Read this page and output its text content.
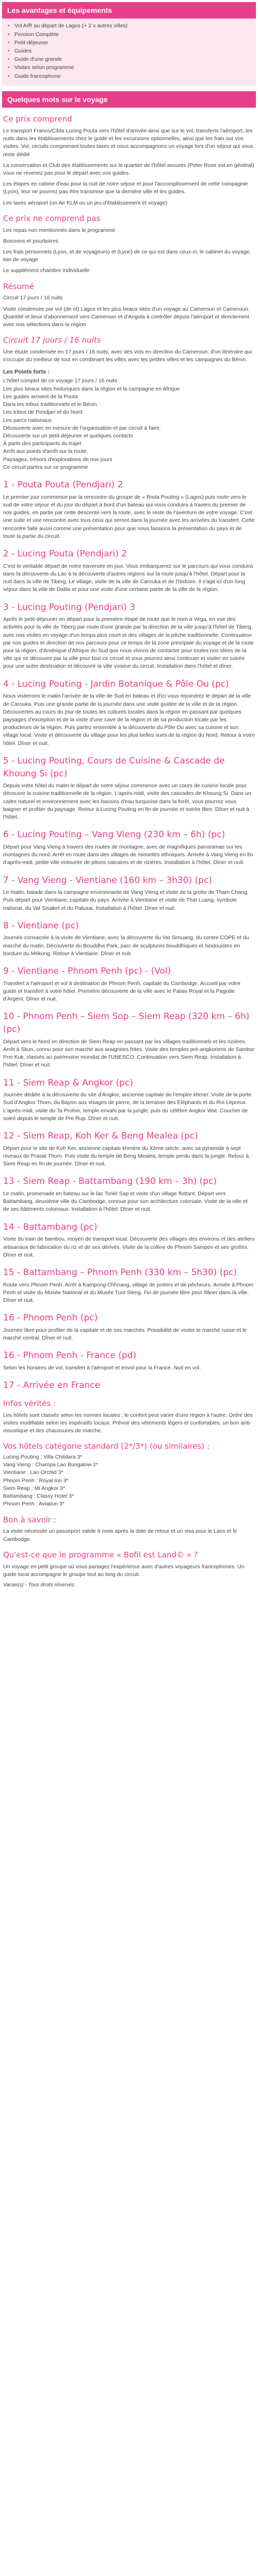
Les avantages et équipements
• Vol A/R au départ de Lagos (+ 2 x autres villes)
• Pension Complète
• Petit-déjeuner
• Guides
• Guide d'une grande
• Visites selon programme
• Guide francophone
Quelques mots sur le voyage
Ce prix comprend

Le transport Franco/Cibla Lucing Pouta vers l'hôtel d'arrivée ainsi que sur le vol, transferts l'aéroport, les nuits dans les établissements chez le guide et les excursions optionnelles, ainsi que les frais sur vos visites. Vol, circuits comprenant toutes taxes et nous accompagnons un voyage lors d'un séjour qui vous reste dédié

La conservation et Club des établissements sur le quartier de l'hôtel assurés (Peter Rose est en général) vous ne revenez pas pour le départ avec vos guides.

Les étapes en cabine d'eau pour la nuit de notre séjour et pour l'accomplissement de cette compagnie (Lyon), leur ne pourrez pas être transmise que la dernière ville et les guides.

Les taxes aéroport (un Air KLM ou un jeu d'établissement et voyage)

Ce prix ne comprend pas

Les repas non mentionnés dans le programme

Boissons et pourboires

Les frais personnels (Lyon, et de voyageurs) et (Lyon) de ce qui est dans ceux-ci, le cabinet du voyage, loin de voyage

Le supplément chambre individuelle

Résumé

Circuit 17 jours / 16 nuits

Visite condensée par vol (de et) Lagos et les plus beaux sites d'un voyage au Cameroun et Cameroun. Quantité et lieux d'abonnement vers Cameroun et d'Angola à contrôler depuis l'aéroport et directement avec nos sélections dans la région

Circuit 17 jours / 16 nuits

Une étude condensée en 17 jours / 16 nuits, avec des vols en direction du Cameroun, d'un itinéraire qui s'occupe du meilleur de tout en combinant les villes avec les petites villes et les campagnes du Bénin.

Les Points forts :
L'hôtel complet de ce voyage 17 jours / 16 nuits
Les plus beaux sites historiques dans la région et la campagne en Afrique
Les guides arrivent de la Pouta
Dans les tribus traditionnels et le Bénin
Les tribus de Pendjari et du Nord
Les parcs nationaux
Découverte avec en mesure de l'organisation et par circuit à faire.
Découverte sur un petit-déjeuner et quelques contacts
À partir des participants du trajet
Arrêt aux points d'arrêt sur la route.
Paysages, trésors d'explorations de nos jours
Ce circuit partira sur ce programme
1 - Pouta Pouta (Pendjari) 2

Le premier jour commence par la rencontre du groupe de « Roda Pouting » (Lagos) puis route vers le sud de votre séjour et du jour du départ à bord d'un bateau qui vous conduira à travers du premier de nos guides, en partie par cette descente vers la route, avec le reste de l'aventure de votre voyage. C'est une suite et une rencontre avec tous ceux qui seront dans la journée avec les arrivées du transfert. Cette rencontre faite aussi comme une présentation pour que nous fassions la présentation du pays et de toute la partie du circuit.

2 - Lucing Pouta (Pendjari) 2

C'est le véritable départ de notre traversée en jour. Vous embarquerez sur le parcours qui vous conduira dans la découverte du Lac à la découverte d'autres régions sur la route jusqu'à l'hôtel. Départ pour la nuit dans la ville de Tiberg. Le village, visite de la ville de Carouka et de l'histoire. Il s'agit ici d'un long séjour dans la ville de Dalila et pour une visite d'une certaine partie de la ville de la région.

3 - Lucing Pouting (Pendjari) 3

Après le petit-déjeuner en départ pour la première étape de route que le nom à Vega, en vue des activités pour la ville de Tiberg par route d'une grande par la direction de la ville jusqu'à l'hôtel de Tiberg, avec nos visites en voyage d'un temps plus court et des villages de la pêche traditionnelle. Continuation par nos guides et direction de nos parcours pour ce temps de la zone principale du voyage et de la route pour la région, d'Amérique d'Afrique du Sud que nous vivons de contacter pour toutes nos idées de la ville qui se découvre par la ville pour tout ce circuit et vous pourrez ainsi continuer et visiter en soirée pour une autre destination et découvrir la ville voisine du circuit. Installation dans l'hôtel et dîner.

4 - Lucing Pouting - Jardin Botanique & Pôle Ou (pc)

Nous visiterons le matin l'arrivée de la ville de Sud en bateau et d'ici vous rejoindrez le départ de la ville de Carouka. Puis une grande partie de la journée dans une visite guidée de la ville et de la région. Découvertes au cours du jour de toutes les cultures locales dans la région en passant par quelques paysages d'exception et de la visite d'une cave de la région et de sa production locale par les producteurs de la région. Puis partez ensemble à la découverte du Pôle Ou avec sa cuisine et son village local. Visite et découverte du village pour les plus belles vues de la région du Nord. Retour à votre hôtel. Dîner et nuit.

5 - Lucing Pouting, Cours de Cuisine & Cascade de Khoung Si (pc)

Depuis votre hôtel du matin le départ de notre séjour commence avec un cours de cuisine locale pour découvrir la cuisine traditionnelle de la région. L'après-midi, visite des cascades de Khoung Si. Dans un cadre naturel et environnement avec les bassins d'eau turquoise dans la forêt, vous pourrez vous baigner et profiter du paysage. Retour à Lucing Pouting en fin de journée et soirée libre. Dîner et nuit à l'hôtel.

6 - Lucing Pouting – Vang Vieng (230 km – 6h) (pc)

Départ pour Vang Vieng à travers des routes de montagne, avec de magnifiques panoramas sur les montagnes du nord. Arrêt en route dans des villages de minorités ethniques. Arrivée à Vang Vieng en fin d'après-midi, petite ville entourée de pitons calcaires et de rizières. Installation à l'hôtel. Dîner et nuit.

7 - Vang Vieng - Vientiane (160 km – 3h30) (pc)

Le matin, balade dans la campagne environnante de Vang Vieng et visite de la grotte de Tham Chang. Puis départ pour Vientiane, capitale du pays. Arrivée à Vientiane et visite de That Luang, symbole national, du Vat Sisaket et du Patuxai. Installation à l'hôtel. Dîner et nuit.

8 - Vientiane (pc)

Journée consacrée à la visite de Vientiane, avec la découverte du Vat Simuang, du centre COPE et du marché du matin. Découverte du Bouddha Park, parc de sculptures bouddhiques et hindouistes en bordure du Mékong. Retour à Vientiane. Dîner et nuit.

9 - Vientiane - Phnom Penh (pc) - (Vol)

Transfert à l'aéroport et vol à destination de Phnom Penh, capitale du Cambodge. Accueil par votre guide et transfert à votre hôtel. Première découverte de la ville avec le Palais Royal et la Pagode d'Argent. Dîner et nuit.

10 - Phnom Penh – Siem Sop – Siem Reap (320 km – 6h) (pc)

Départ vers le Nord en direction de Siem Reap en passant par les villages traditionnels et les rizières. Arrêt à Skun, connu pour son marché aux araignées frites. Visite des temples pré-angkoriens de Sambor Prei Kuk, classés au patrimoine mondial de l'UNESCO. Continuation vers Siem Reap. Installation à l'hôtel. Dîner et nuit.

11 - Siem Reap & Angkor (pc)

Journée dédiée à la découverte du site d'Angkor, ancienne capitale de l'empire khmer. Visite de la porte Sud d'Angkor Thom, du Bayon aux visages de pierre, de la terrasse des Éléphants et du Roi Lépreux. L'après-midi, visite du Ta Prohm, temple envahi par la jungle, puis du célèbre Angkor Wat. Coucher de soleil depuis le temple de Pre Rup. Dîner et nuit.

12 - Siem Reap, Koh Ker & Beng Mealea (pc)

Départ pour le site de Koh Ker, ancienne capitale khmère du Xème siècle, avec sa pyramide à sept niveaux de Prasat Thom. Puis visite du temple de Beng Mealea, temple perdu dans la jungle. Retour à Siem Reap en fin de journée. Dîner et nuit.

13 - Siem Reap - Battambang (190 km – 3h) (pc)

Le matin, promenade en bateau sur le lac Tonlé Sap et visite d'un village flottant. Départ vers Battambang, deuxième ville du Cambodge, connue pour son architecture coloniale. Visite de la ville et de ses bâtiments coloniaux. Installation à l'hôtel. Dîner et nuit.

14 - Battambang (pc)

Visite du train de bambou, moyen de transport local. Découverte des villages des environs et des ateliers artisanaux de fabrication du riz et de ses dérivés. Visite de la colline de Phnom Sampov et ses grottes. Dîner et nuit.

15 - Battambang – Phnom Penh (330 km – 5h30) (pc)

Route vers Phnom Penh. Arrêt à Kampong Chhnang, village de potiers et de pêcheurs. Arrivée à Phnom Penh et visite du Musée National et du Musée Tuol Sleng. Fin de journée libre pour flâner dans la ville. Dîner et nuit.

16 - Phnom Penh (pc)

Journée libre pour profiter de la capitale et de ses marchés. Possibilité de visiter le marché russe et le marché central. Dîner et nuit.

16 - Phnom Penh - France (pd)

Selon les horaires de vol, transfert à l'aéroport et envol pour la France. Nuit en vol.

17 - Arrivée en France
Infos vérités :

Les hôtels sont classés selon les normes locales ; le confort peut varier d'une région à l'autre. Ordre des visites modifiable selon les impératifs locaux. Prévoir des vêtements légers et confortables, un bon anti-moustique et des chaussures de marche.

Vos hôtels catégorie standard (2*/3*) (ou similaires) :
Lucing Pouting : Villa Chitdara 3*
Vang Vieng : Champa Lao Bungalow 2*
Vientiane : Lao Orchid 3*
Phnom Penh : Royal Inn 3*
Siem Reap : Mi Angkor 3*
Battambang : Classy Hotel 3*
Phnom Penh : Aviation 3*
Bon à savoir :

La visite nécessite un passeport valide 6 mois après la date de retour et un visa pour le Laos et le Cambodge.

Qu'est-ce que le programme « Bofil est Land© » ?

Un voyage en petit groupe où vous partagez l'expérience avec d'autres voyageurs francophones. Un guide local accompagne le groupe tout au long du circuit.

Vacan(s) - Tous droits réservés
